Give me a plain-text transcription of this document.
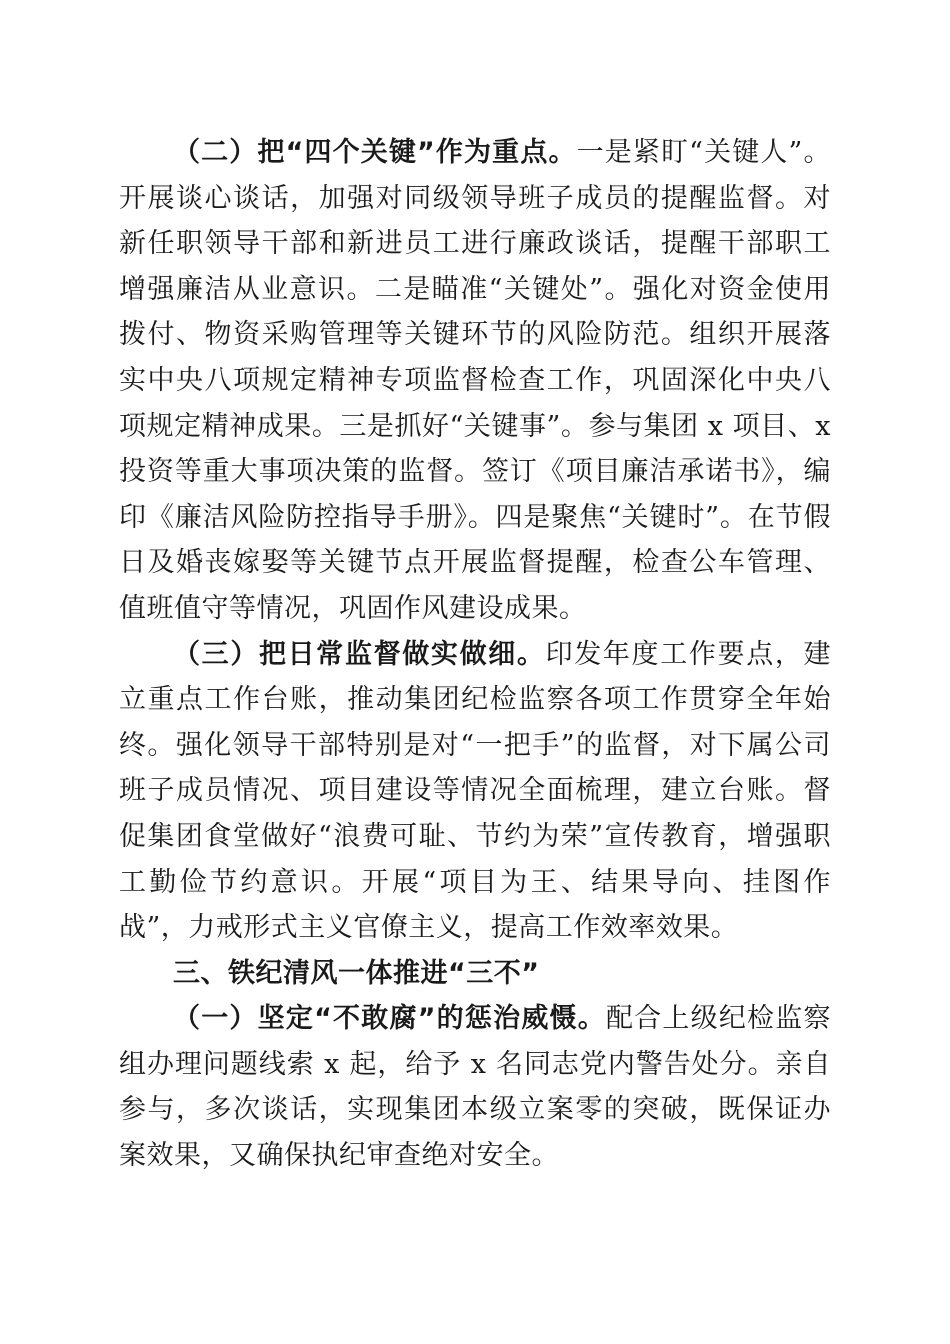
（二）把“四个关键”作为重点。一是紧盯“关键人”。开展谈心谈话，加强对同级领导班子成员的提醒监督。对新任职领导干部和新进员工进行廉政谈话，提醒干部职工增强廉洁从业意识。二是瞄准“关键处”。强化对资金使用拨付、物资采购管理等关键环节的风险防范。组织开展落实中央八项规定精神专项监督检查工作，巩固深化中央八项规定精神成果。三是抓好“关键事”。参与集团 x 项目、x 投资等重大事项决策的监督。签订《项目廉洁承诺书》，编印《廉洁风险防控指导手册》。四是聚焦“关键时”。在节假日及婚丧嫁娶等关键节点开展监督提醒，检查公车管理、值班值守等情况，巩固作风建设成果。

（三）把日常监督做实做细。印发年度工作要点，建立重点工作台账，推动集团纪检监察各项工作贯穿全年始终。强化领导干部特别是对“一把手”的监督，对下属公司班子成员情况、项目建设等情况全面梳理，建立台账。督促集团食堂做好“浪费可耻、节约为荣”宣传教育，增强职工勤俭节约意识。开展“项目为王、结果导向、挂图作战”，力戒形式主义官僚主义，提高工作效率效果。

三、铁纪清风一体推进“三不”

（一）坚定“不敢腐”的惩治威慑。配合上级纪检监察组办理问题线索 x 起，给予 x 名同志党内警告处分。亲自参与，多次谈话，实现集团本级立案零的突破，既保证办案效果，又确保执纪审查绝对安全。
